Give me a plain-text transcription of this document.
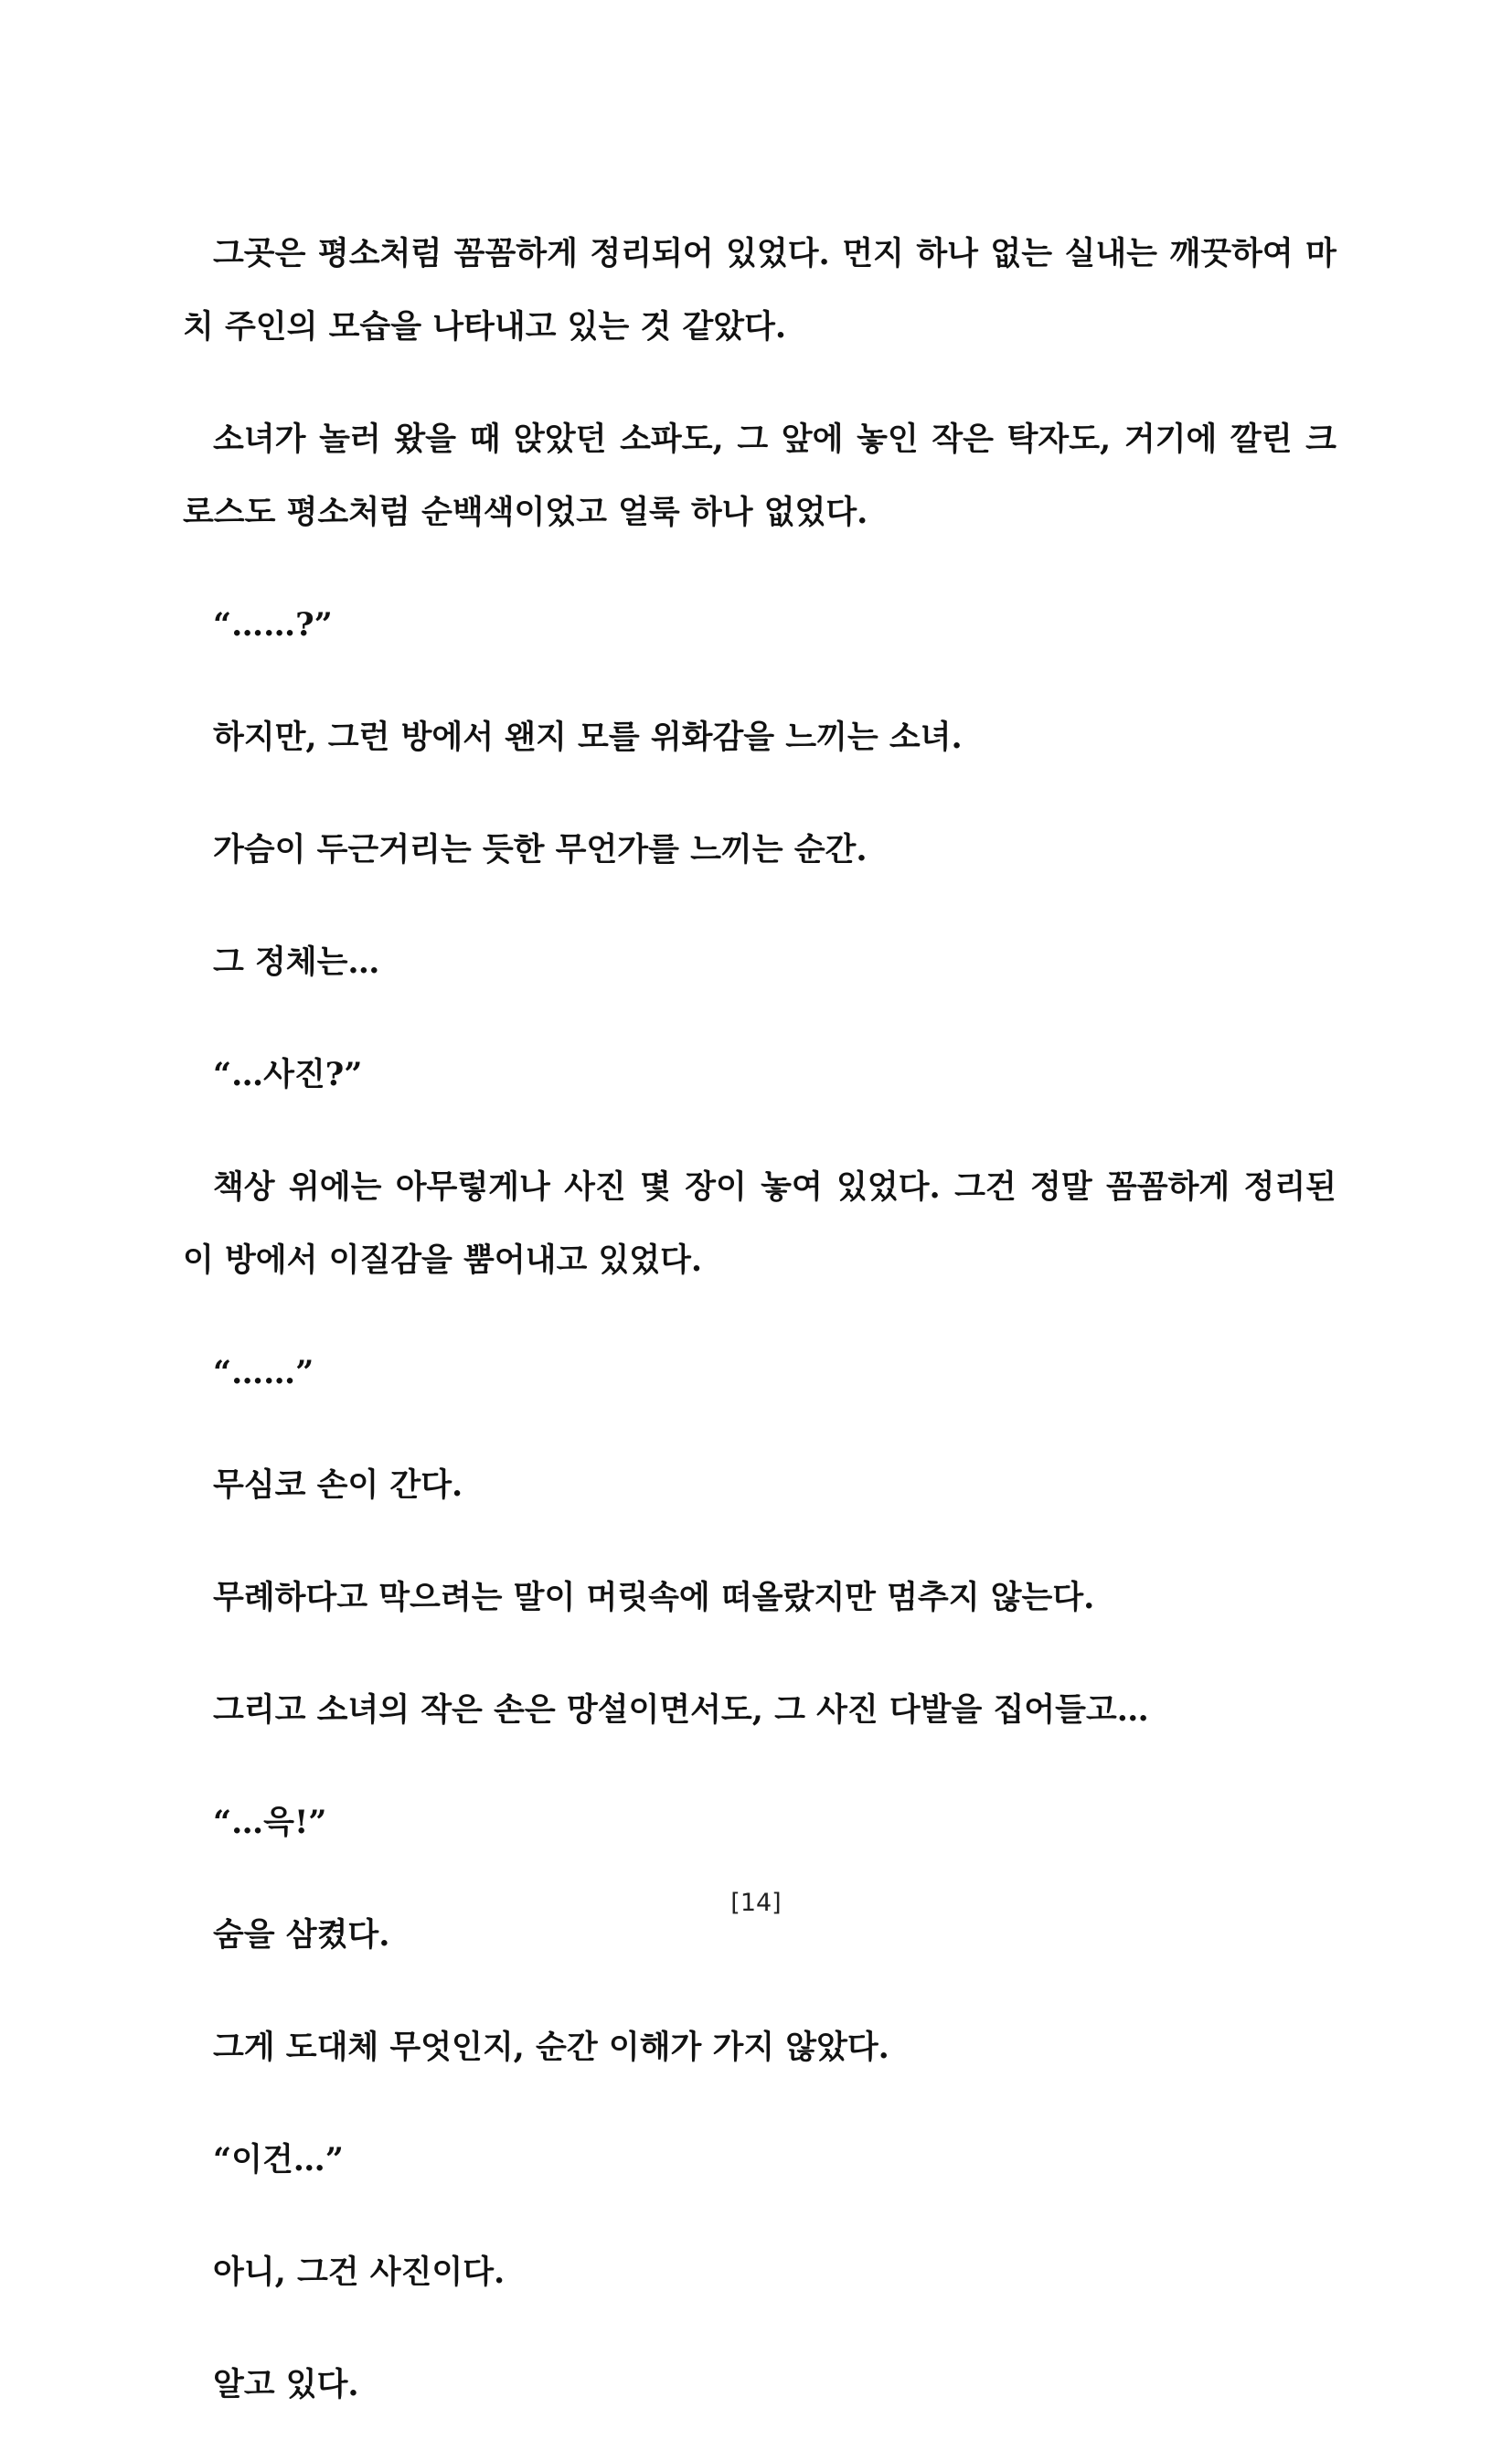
그곳은 평소처럼 꼼꼼하게 정리되어 있었다. 먼지 하나 없는 실내는 깨끗하여 마치 주인의 모습을 나타내고 있는 것 같았다.

소녀가 놀러 왔을 때 앉았던 소파도, 그 앞에 놓인 작은 탁자도, 거기에 깔린 크로스도 평소처럼 순백색이었고 얼룩 하나 없었다.

“……?”

하지만, 그런 방에서 왠지 모를 위화감을 느끼는 소녀.

가슴이 두근거리는 듯한 무언가를 느끼는 순간.

그 정체는…

“…사진?”

책상 위에는 아무렇게나 사진 몇 장이 놓여 있었다. 그건 정말 꼼꼼하게 정리된 이 방에서 이질감을 뿜어내고 있었다.

“……”

무심코 손이 간다.

무례하다고 막으려는 말이 머릿속에 떠올랐지만 멈추지 않는다.

그리고 소녀의 작은 손은 망설이면서도, 그 사진 다발을 집어들고…

“…윽!”

숨을 삼켰다.

그게 도대체 무엇인지, 순간 이해가 가지 않았다.

“이건…”

아니, 그건 사진이다.

알고 있다.

[14]
